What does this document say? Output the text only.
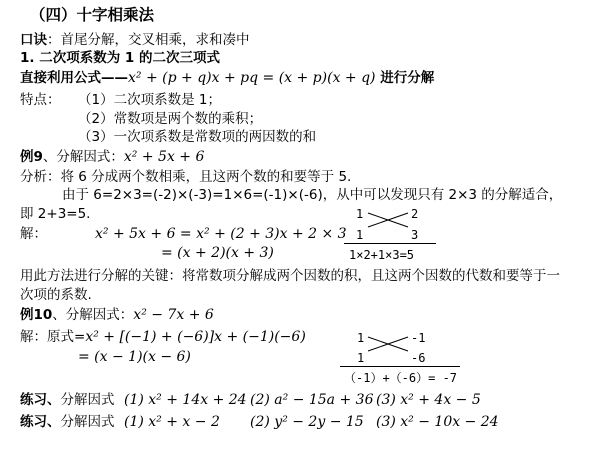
（四）十字相乘法
口诀：首尾分解，交叉相乘，求和凑中
1. 二次项系数为 1 的二次三项式
直接利用公式——x² + (p + q)x + pq = (x + p)(x + q) 进行分解
特点： （1）二次项系数是 1；
（2）常数项是两个数的乘积；
（3）一次项系数是常数项的两因数的和
例9、分解因式：x² + 5x + 6
分析：将 6 分成两个数相乘，且这两个数的和要等于 5.
由于 6=2×3=(-2)×(-3)=1×6=(-1)×(-6)，从中可以发现只有 2×3 的分解适合，
即 2+3=5.
解：	x² + 5x + 6 = x² + (2 + 3)x + 2 × 3
= (x + 2)(x + 3)
1	2
1	3
1×2+1×3=5
用此方法进行分解的关键：将常数项分解成两个因数的积，且这两个因数的代数和要等于一
次项的系数.
例10、分解因式：x² − 7x + 6
解：原式=x² + [(−1) + (−6)]x + (−1)(−6)
= (x − 1)(x − 6)
1	-1
1	-6
（-1）+（-6）= -7
练习、分解因式 (1) x² + 14x + 24 (2) a² − 15a + 36 (3) x² + 4x − 5
练习、分解因式 (1) x² + x − 2 (2) y² − 2y − 15 (3) x² − 10x − 24
